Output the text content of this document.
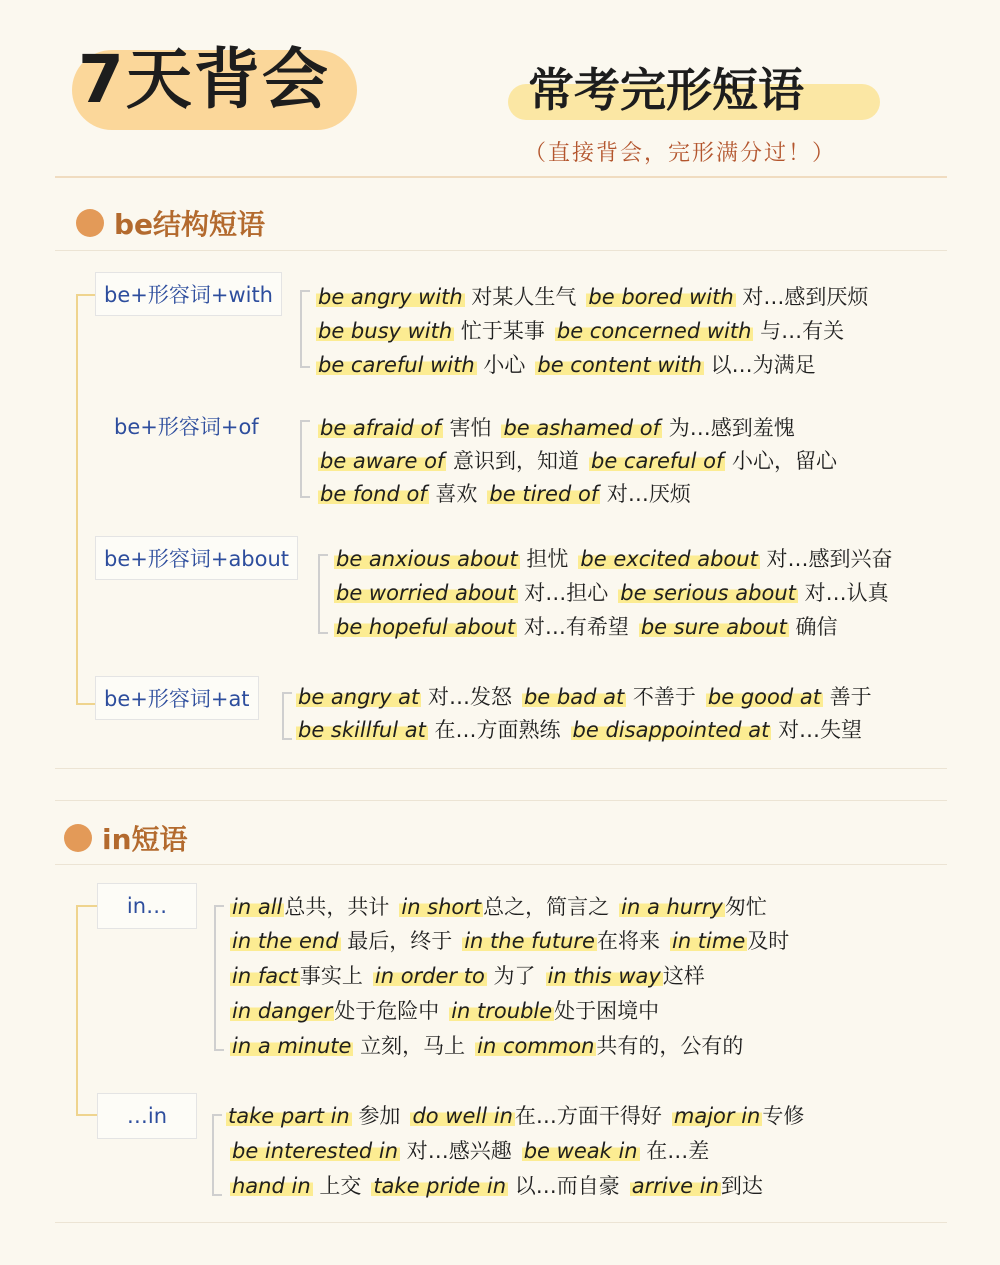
7天背会	常考完形短语
（直接背会，完形满分过！）
be结构短语
be+形容词+with	be angry with 对某人生气 be bored with 对…感到厌烦
be busy with 忙于某事 be concerned with 与…有关
be careful with 小心 be content with 以…为满足
be+形容词+of	be afraid of 害怕 be ashamed of 为…感到羞愧
be aware of 意识到，知道 be careful of 小心，留心
be fond of 喜欢 be tired of 对…厌烦
be+形容词+about	be anxious about 担忧 be excited about 对…感到兴奋
be worried about 对…担心 be serious about 对…认真
be hopeful about 对…有希望 be sure about 确信
be+形容词+at	be angry at 对…发怒 be bad at 不善于 be good at 善于
be skillful at 在…方面熟练 be disappointed at 对…失望
in短语
in…	in all总共，共计 in short总之，简言之 in a hurry匆忙
in the end 最后，终于 in the future在将来 in time及时
in fact事实上 in order to 为了 in this way这样
in danger处于危险中 in trouble处于困境中
in a minute 立刻，马上 in common共有的，公有的
…in	take part in 参加 do well in在…方面干得好 major in专修
be interested in 对…感兴趣 be weak in 在…差
hand in 上交 take pride in 以…而自豪 arrive in到达
